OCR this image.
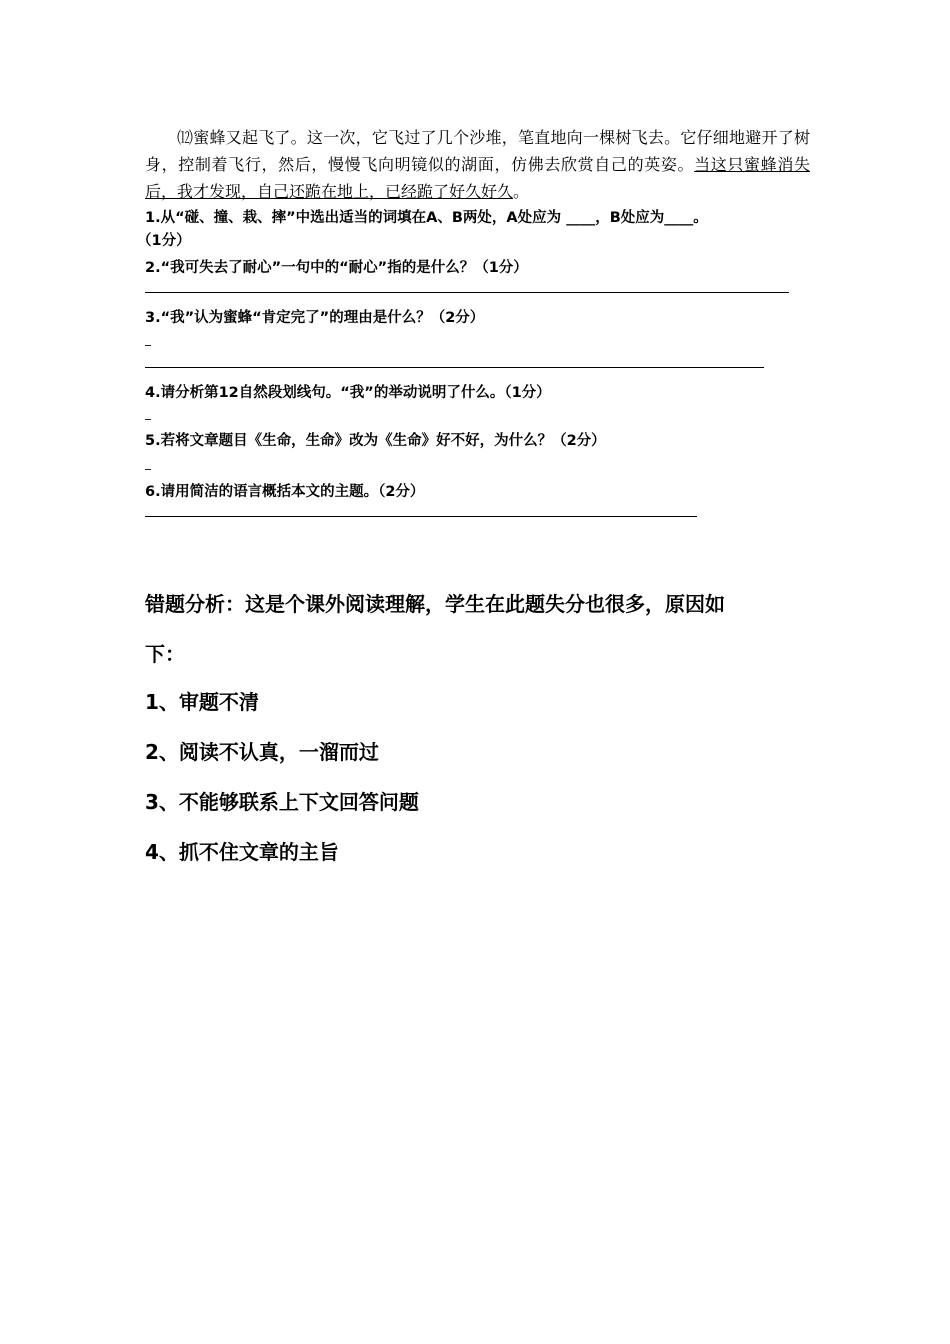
⑿蜜蜂又起飞了。这一次，它飞过了几个沙堆，笔直地向一棵树飞去。它仔细地避开了树身，控制着飞行，然后，慢慢飞向明镜似的湖面，仿佛去欣赏自己的英姿。当这只蜜蜂消失后，我才发现，自己还跪在地上，已经跪了好久好久。

1.从“碰、撞、栽、摔”中选出适当的词填在A、B两处，A处应为 ____，B处应为____。

（1分）

2.“我可失去了耐心”一句中的“耐心”指的是什么？（1分）

3.“我”认为蜜蜂“肯定完了”的理由是什么？（2分）

_

4.请分析第12自然段划线句。“我”的举动说明了什么。（1分）

_

5.若将文章题目《生命，生命》改为《生命》好不好，为什么？（2分）

_

6.请用简洁的语言概括本文的主题。（2分）

错题分析：这是个课外阅读理解，学生在此题失分也很多，原因如

下：

1、审题不清

2、阅读不认真，一溜而过

3、不能够联系上下文回答问题

4、抓不住文章的主旨
